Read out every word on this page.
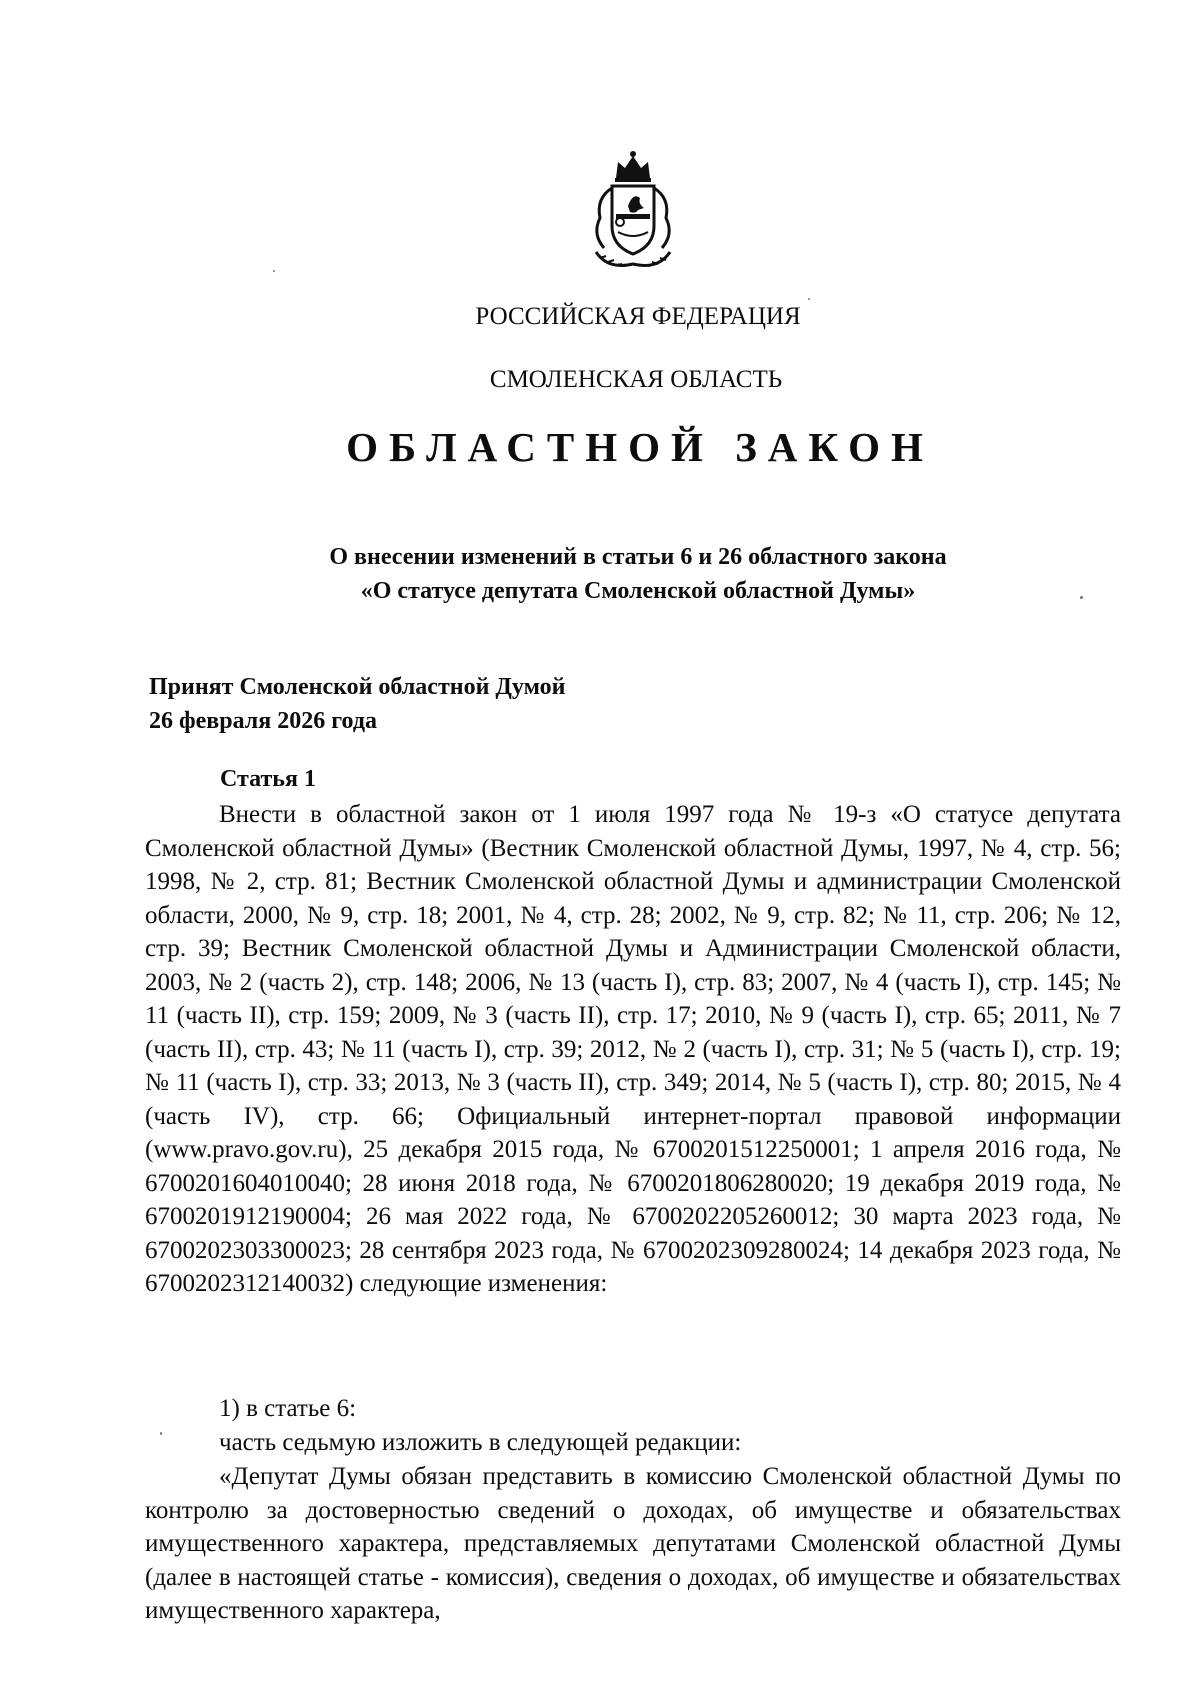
РОССИЙСКАЯ ФЕДЕРАЦИЯ
СМОЛЕНСКАЯ ОБЛАСТЬ
ОБЛАСТНОЙ ЗАКОН
О внесении изменений в статьи 6 и 26 областного закона
«О статусе депутата Смоленской областной Думы»
Принят Смоленской областной Думой
26 февраля 2026 года
Статья 1
Внести в областной закон от 1 июля 1997 года № 19-з «О статусе депутата Смоленской областной Думы» (Вестник Смоленской областной Думы, 1997, № 4, стр. 56; 1998, № 2, стр. 81; Вестник Смоленской областной Думы и администрации Смоленской области, 2000, № 9, стр. 18; 2001, № 4, стр. 28; 2002, № 9, стр. 82; № 11, стр. 206; № 12, стр. 39; Вестник Смоленской областной Думы и Администрации Смоленской области, 2003, № 2 (часть 2), стр. 148; 2006, № 13 (часть I), стр. 83; 2007, № 4 (часть I), стр. 145; № 11 (часть II), стр. 159; 2009, № 3 (часть II), стр. 17; 2010, № 9 (часть I), стр. 65; 2011, № 7 (часть II), стр. 43; № 11 (часть I), стр. 39; 2012, № 2 (часть I), стр. 31; № 5 (часть I), стр. 19; № 11 (часть I), стр. 33; 2013, № 3 (часть II), стр. 349; 2014, № 5 (часть I), стр. 80; 2015, № 4 (часть IV), стр. 66; Официальный интернет-портал правовой информации (www.pravo.gov.ru), 25 декабря 2015 года, № 6700201512250001; 1 апреля 2016 года, № 6700201604010040; 28 июня 2018 года, № 6700201806280020; 19 декабря 2019 года, № 6700201912190004; 26 мая 2022 года, № 6700202205260012; 30 марта 2023 года, № 6700202303300023; 28 сентября 2023 года, № 6700202309280024; 14 декабря 2023 года, № 6700202312140032) следующие изменения:
1) в статье 6:
часть седьмую изложить в следующей редакции:
«Депутат Думы обязан представить в комиссию Смоленской областной Думы по контролю за достоверностью сведений о доходах, об имуществе и обязательствах имущественного характера, представляемых депутатами Смоленской областной Думы (далее в настоящей статье - комиссия), сведения о доходах, об имуществе и обязательствах имущественного характера,
